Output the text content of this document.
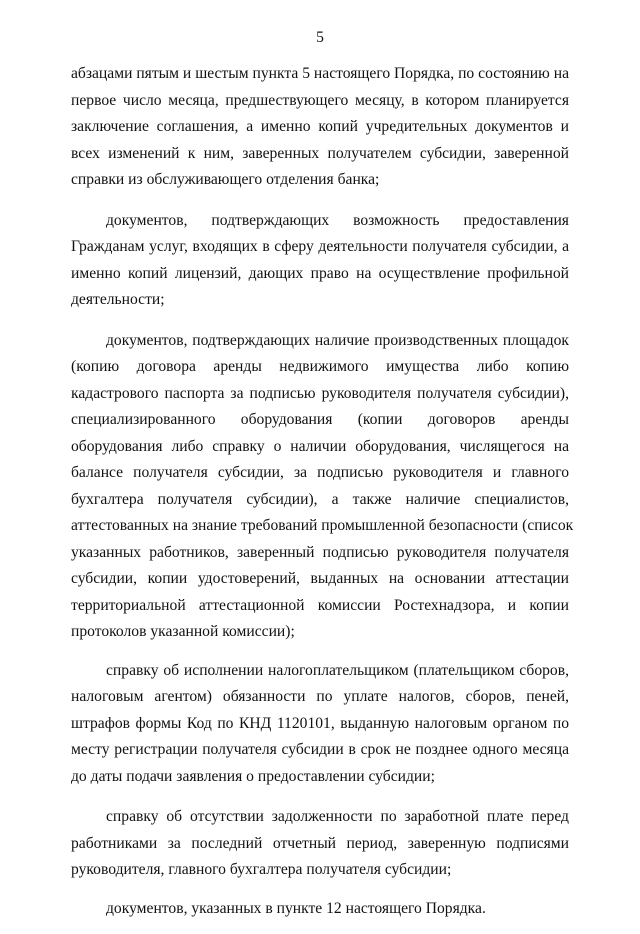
5
абзацами пятым и шестым пункта 5 настоящего Порядка, по состоянию на
первое число месяца, предшествующего месяцу, в котором планируется
заключение соглашения, а именно копий учредительных документов и
всех изменений к ним, заверенных получателем субсидии, заверенной
справки из обслуживающего отделения банка;
документов, подтверждающих возможность предоставления
Гражданам услуг, входящих в сферу деятельности получателя субсидии, а
именно копий лицензий, дающих право на осуществление профильной
деятельности;
документов, подтверждающих наличие производственных площадок
(копию договора аренды недвижимого имущества либо копию
кадастрового паспорта за подписью руководителя получателя субсидии),
специализированного оборудования (копии договоров аренды
оборудования либо справку о наличии оборудования, числящегося на
балансе получателя субсидии, за подписью руководителя и главного
бухгалтера получателя субсидии), а также наличие специалистов,
аттестованных на знание требований промышленной безопасности (список
указанных работников, заверенный подписью руководителя получателя
субсидии, копии удостоверений, выданных на основании аттестации
территориальной аттестационной комиссии Ростехнадзора, и копии
протоколов указанной комиссии);
справку об исполнении налогоплательщиком (плательщиком сборов,
налоговым агентом) обязанности по уплате налогов, сборов, пеней,
штрафов формы Код по КНД 1120101, выданную налоговым органом по
месту регистрации получателя субсидии в срок не позднее одного месяца
до даты подачи заявления о предоставлении субсидии;
справку об отсутствии задолженности по заработной плате перед
работниками за последний отчетный период, заверенную подписями
руководителя, главного бухгалтера получателя субсидии;
документов, указанных в пункте 12 настоящего Порядка.
